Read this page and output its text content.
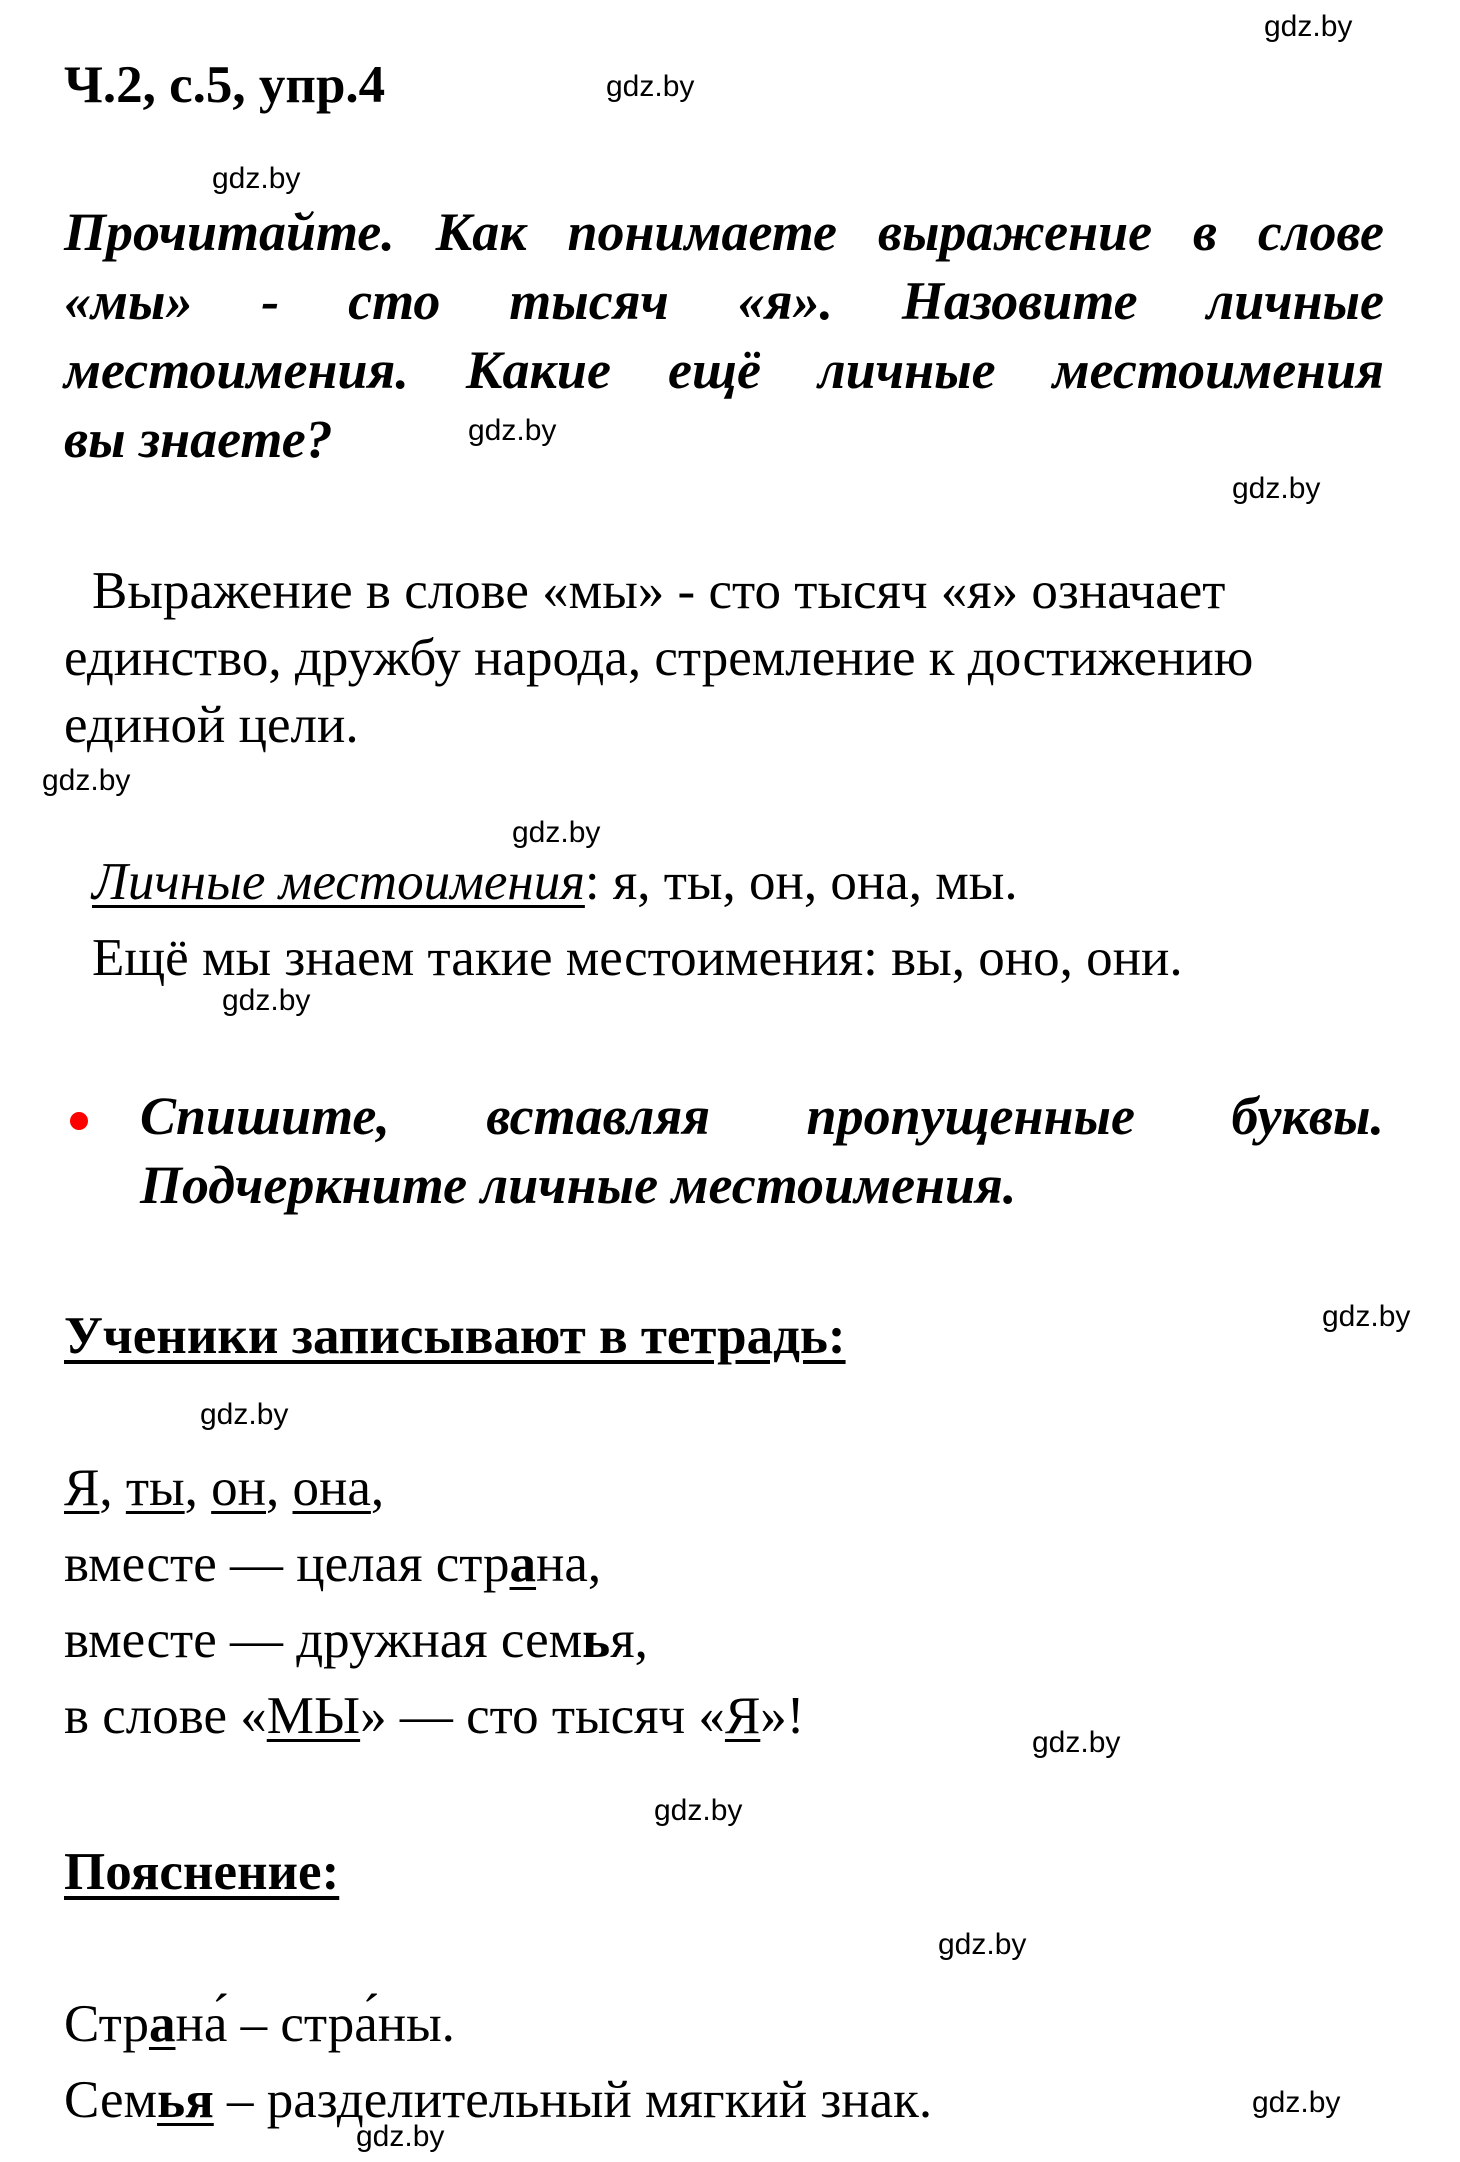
gdz.by
gdz.by
gdz.by
gdz.by
gdz.by
gdz.by
gdz.by
gdz.by
gdz.by
gdz.by
gdz.by
gdz.by
gdz.by
gdz.by
gdz.by
Ч.2, с.5, упр.4
Прочитайте. Как понимаете выражение в слове
«мы» - сто тысяч «я». Назовите личные
местоимения. Какие ещё личные местоимения
вы знаете?
Выражение в слове «мы» - сто тысяч «я» означает
единство, дружбу народа, стремление к достижению
единой цели.
Личные местоимения: я, ты, он, она, мы.
Ещё мы знаем такие местоимения: вы, оно, они.
Спишите, вставляя пропущенные буквы.
Подчеркните личные местоимения.
Ученики записывают в тетрадь:
Я, ты, он, она,
вместе — целая страна,
вместе — дружная семья,
в слове «МЫ» — сто тысяч «Я»!
Пояснение:
Страна́ – стра́ны.
Семья – разделительный мягкий знак.
